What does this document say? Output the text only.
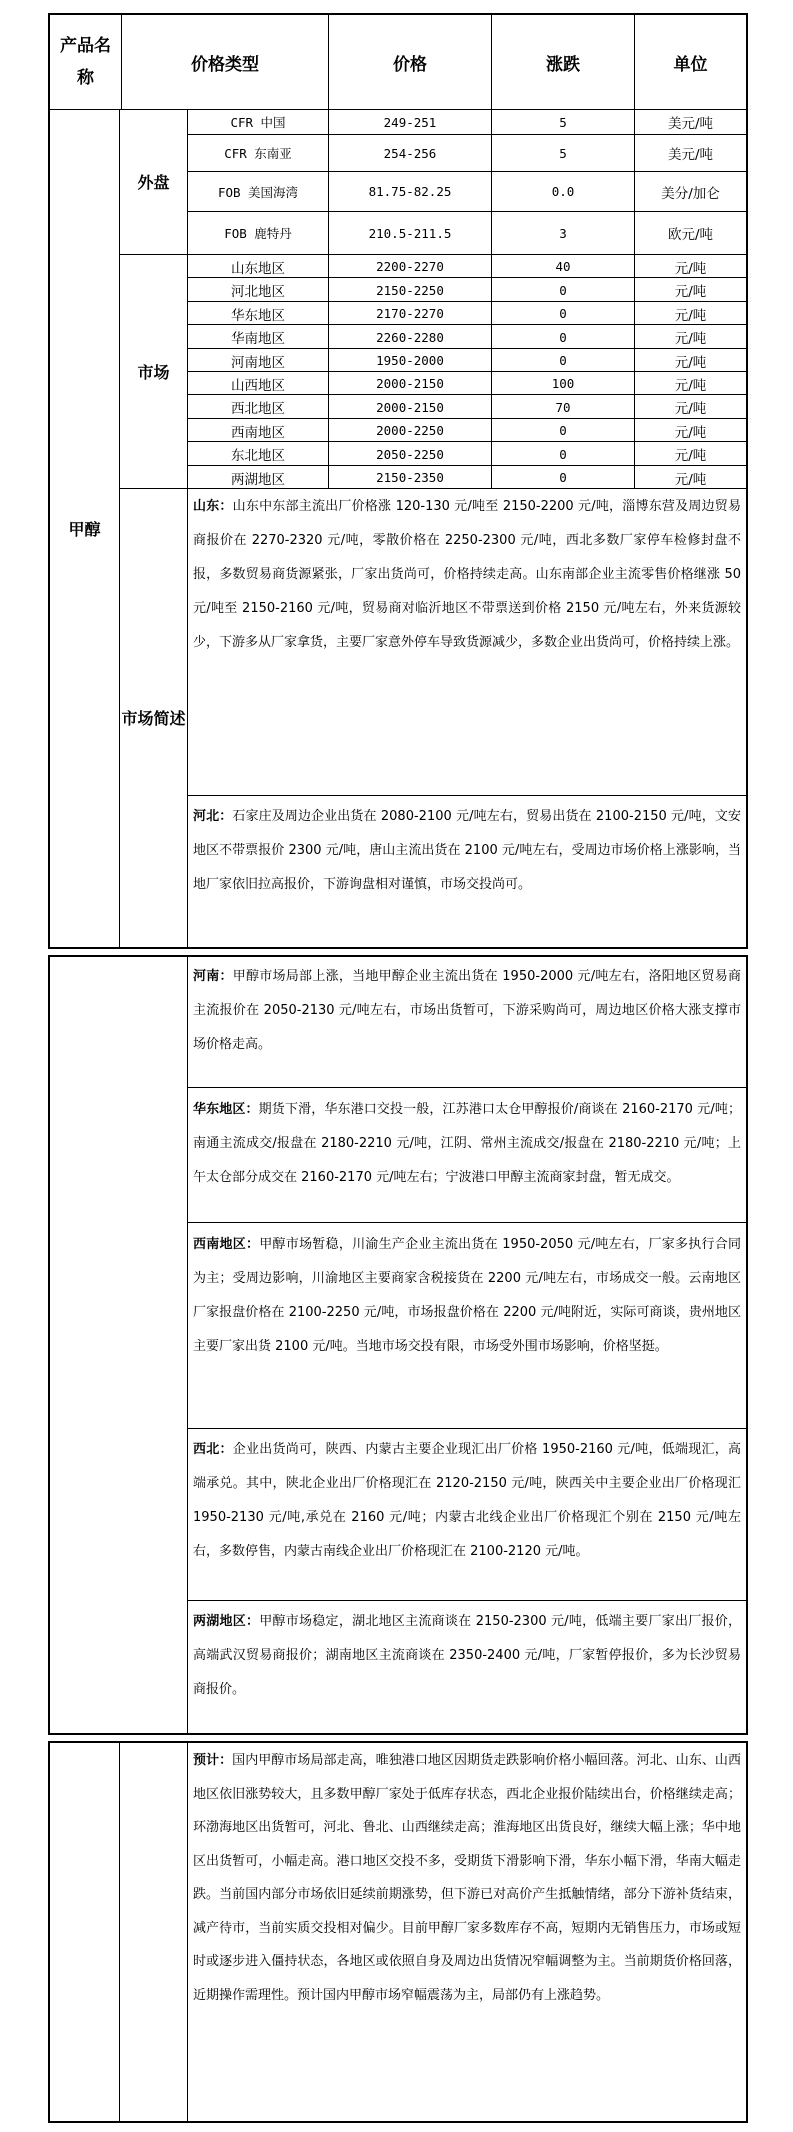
产品名称
价格类型	价格	涨跌	单位
甲醇
外盘
CFR 中国	249-251	5	美元/吨
CFR 东南亚	254-256	5	美元/吨
FOB 美国海湾	81.75-82.25	0.0	美分/加仑
FOB 鹿特丹	210.5-211.5	3	欧元/吨
市场
山东地区	2200-2270	40	元/吨
河北地区	2150-2250	0	元/吨
华东地区	2170-2270	0	元/吨
华南地区	2260-2280	0	元/吨
河南地区	1950-2000	0	元/吨
山西地区	2000-2150	100	元/吨
西北地区	2000-2150	70	元/吨
西南地区	2000-2250	0	元/吨
东北地区	2050-2250	0	元/吨
两湖地区	2150-2350	0	元/吨
市场简述
山东：山东中东部主流出厂价格涨 120-130 元/吨至 2150-2200 元/吨，淄博东营及周边贸易商报价在 2270-2320 元/吨，零散价格在 2250-2300 元/吨，西北多数厂家停车检修封盘不报，多数贸易商货源紧张，厂家出货尚可，价格持续走高。山东南部企业主流零售价格继涨 50 元/吨至 2150-2160 元/吨，贸易商对临沂地区不带票送到价格 2150 元/吨左右，外来货源较少，下游多从厂家拿货，主要厂家意外停车导致货源减少，多数企业出货尚可，价格持续上涨。
河北：石家庄及周边企业出货在 2080-2100 元/吨左右，贸易出货在 2100-2150 元/吨，文安地区不带票报价 2300 元/吨，唐山主流出货在 2100 元/吨左右，受周边市场价格上涨影响，当地厂家依旧拉高报价，下游询盘相对谨慎，市场交投尚可。
河南：甲醇市场局部上涨，当地甲醇企业主流出货在 1950-2000 元/吨左右，洛阳地区贸易商主流报价在 2050-2130 元/吨左右，市场出货暂可，下游采购尚可，周边地区价格大涨支撑市场价格走高。
华东地区：期货下滑，华东港口交投一般，江苏港口太仓甲醇报价/商谈在 2160-2170 元/吨；南通主流成交/报盘在 2180-2210 元/吨，江阴、常州主流成交/报盘在 2180-2210 元/吨；上午太仓部分成交在 2160-2170 元/吨左右；宁波港口甲醇主流商家封盘，暂无成交。
西南地区：甲醇市场暂稳，川渝生产企业主流出货在 1950-2050 元/吨左右，厂家多执行合同为主；受周边影响，川渝地区主要商家含税接货在 2200 元/吨左右，市场成交一般。云南地区厂家报盘价格在 2100-2250 元/吨，市场报盘价格在 2200 元/吨附近，实际可商谈，贵州地区主要厂家出货 2100 元/吨。当地市场交投有限，市场受外围市场影响，价格坚挺。
西北：企业出货尚可，陕西、内蒙古主要企业现汇出厂价格 1950-2160 元/吨，低端现汇，高端承兑。其中，陕北企业出厂价格现汇在 2120-2150 元/吨，陕西关中主要企业出厂价格现汇 1950-2130 元/吨,承兑在 2160 元/吨；内蒙古北线企业出厂价格现汇个别在 2150 元/吨左右，多数停售，内蒙古南线企业出厂价格现汇在 2100-2120 元/吨。
两湖地区：甲醇市场稳定，湖北地区主流商谈在 2150-2300 元/吨，低端主要厂家出厂报价，高端武汉贸易商报价；湖南地区主流商谈在 2350-2400 元/吨，厂家暂停报价，多为长沙贸易商报价。
预计：国内甲醇市场局部走高，唯独港口地区因期货走跌影响价格小幅回落。河北、山东、山西地区依旧涨势较大，且多数甲醇厂家处于低库存状态，西北企业报价陆续出台，价格继续走高；环渤海地区出货暂可，河北、鲁北、山西继续走高；淮海地区出货良好，继续大幅上涨；华中地区出货暂可，小幅走高。港口地区交投不多，受期货下滑影响下滑，华东小幅下滑，华南大幅走跌。当前国内部分市场依旧延续前期涨势，但下游已对高价产生抵触情绪，部分下游补货结束，减产待市，当前实质交投相对偏少。目前甲醇厂家多数库存不高，短期内无销售压力，市场或短时或逐步进入僵持状态，各地区或依照自身及周边出货情况窄幅调整为主。当前期货价格回落，近期操作需理性。预计国内甲醇市场窄幅震荡为主，局部仍有上涨趋势。
